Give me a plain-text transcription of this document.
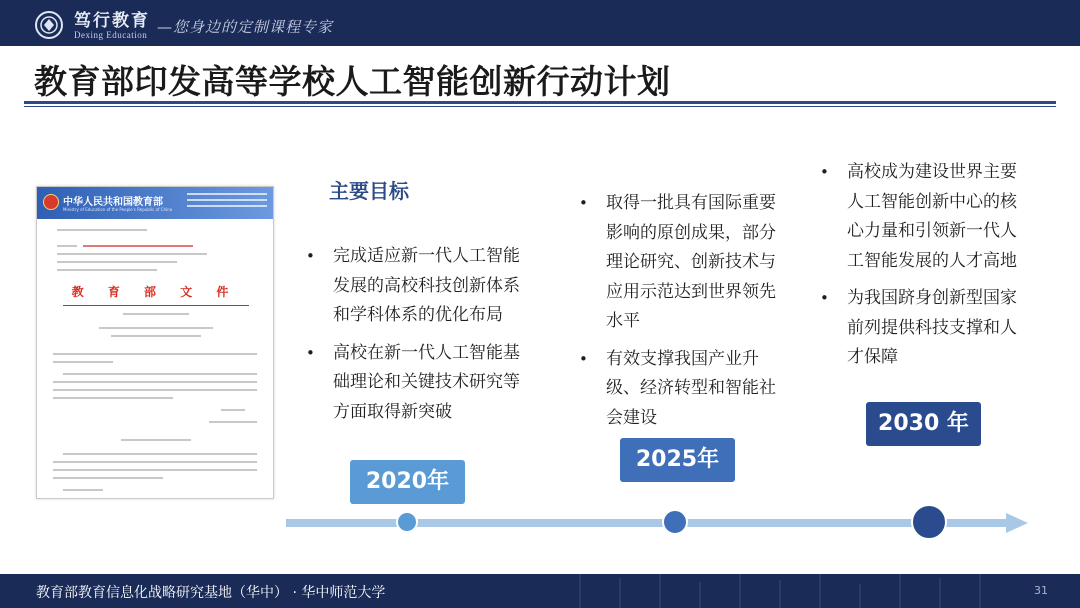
笃行教育
Dexing Education —您身边的定制课程专家
教育部印发高等学校人工智能创新行动计划
中华人民共和国教育部
Ministry of Education of the People's Republic of China
教 育 部 文 件
主要目标
• 完成适应新一代人工智能发展的高校科技创新体系和学科体系的优化布局
• 高校在新一代人工智能基础理论和关键技术研究等方面取得新突破
• 取得一批具有国际重要影响的原创成果，部分理论研究、创新技术与应用示范达到世界领先水平
• 有效支撑我国产业升级、经济转型和智能社会建设
• 高校成为建设世界主要人工智能创新中心的核心力量和引领新一代人工智能发展的人才高地
• 为我国跻身创新型国家前列提供科技支撑和人才保障
2020年
2025年
2030 年
教育部教育信息化战略研究基地（华中） · 华中师范大学	31
